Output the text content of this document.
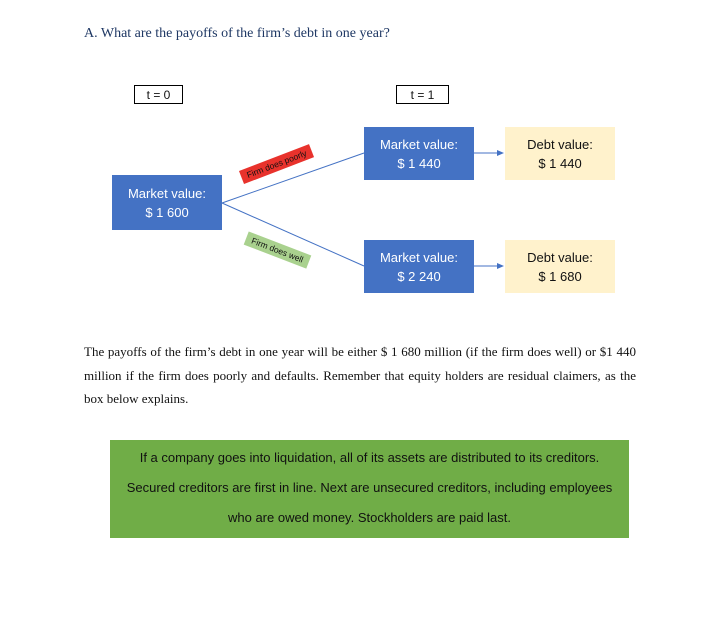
A. What are the payoffs of the firm’s debt in one year?
t = 0	t = 1
Market value:
$ 1 600
Market value:
$ 1 440
Debt value:
$ 1 440
Market value:
$ 2 240
Debt value:
$ 1 680
Firm does poorly
Firm does well
The payoffs of the firm’s debt in one year will be either $ 1 680 million (if the firm does well) or $1 440 million if the firm does poorly and defaults. Remember that equity holders are residual claimers, as the box below explains.
If a company goes into liquidation, all of its assets are distributed to its creditors. Secured creditors are first in line. Next are unsecured creditors, including employees who are owed money. Stockholders are paid last.
